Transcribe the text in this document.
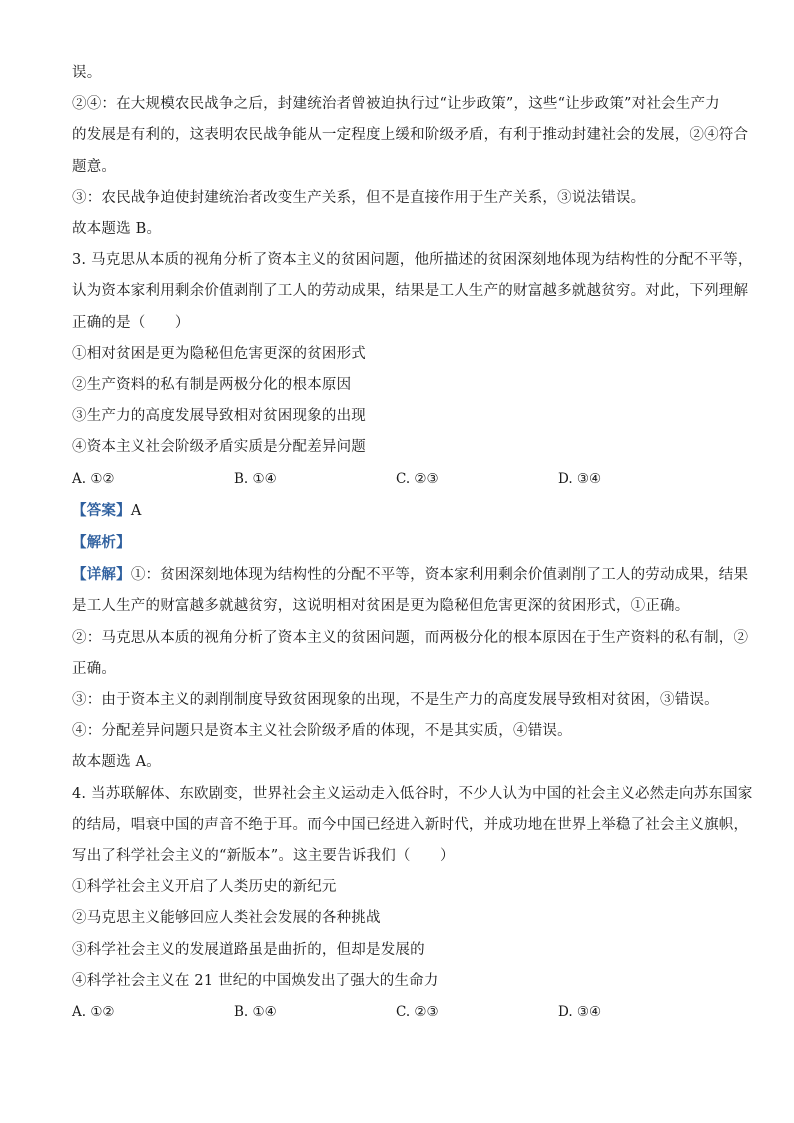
误。
②④：在大规模农民战争之后，封建统治者曾被迫执行过“让步政策”，这些“让步政策”对社会生产力
的发展是有利的，这表明农民战争能从一定程度上缓和阶级矛盾，有利于推动封建社会的发展，②④符合
题意。
③：农民战争迫使封建统治者改变生产关系，但不是直接作用于生产关系，③说法错误。
故本题选 B。
3. 马克思从本质的视角分析了资本主义的贫困问题，他所描述的贫困深刻地体现为结构性的分配不平等，
认为资本家利用剩余价值剥削了工人的劳动成果，结果是工人生产的财富越多就越贫穷。对此，下列理解
正确的是（　　）
①相对贫困是更为隐秘但危害更深的贫困形式
②生产资料的私有制是两极分化的根本原因
③生产力的高度发展导致相对贫困现象的出现
④资本主义社会阶级矛盾实质是分配差异问题
A. ①②	B. ①④	C. ②③	D. ③④
【答案】A
【解析】
【详解】①：贫困深刻地体现为结构性的分配不平等，资本家利用剩余价值剥削了工人的劳动成果，结果
是工人生产的财富越多就越贫穷，这说明相对贫困是更为隐秘但危害更深的贫困形式，①正确。
②：马克思从本质的视角分析了资本主义的贫困问题，而两极分化的根本原因在于生产资料的私有制，②
正确。
③：由于资本主义的剥削制度导致贫困现象的出现，不是生产力的高度发展导致相对贫困，③错误。
④：分配差异问题只是资本主义社会阶级矛盾的体现，不是其实质，④错误。
故本题选 A。
4. 当苏联解体、东欧剧变，世界社会主义运动走入低谷时，不少人认为中国的社会主义必然走向苏东国家
的结局，唱衰中国的声音不绝于耳。而今中国已经进入新时代，并成功地在世界上举稳了社会主义旗帜，
写出了科学社会主义的“新版本”。这主要告诉我们（　　）
①科学社会主义开启了人类历史的新纪元
②马克思主义能够回应人类社会发展的各种挑战
③科学社会主义的发展道路虽是曲折的，但却是发展的
④科学社会主义在 21 世纪的中国焕发出了强大的生命力
A. ①②	B. ①④	C. ②③	D. ③④
